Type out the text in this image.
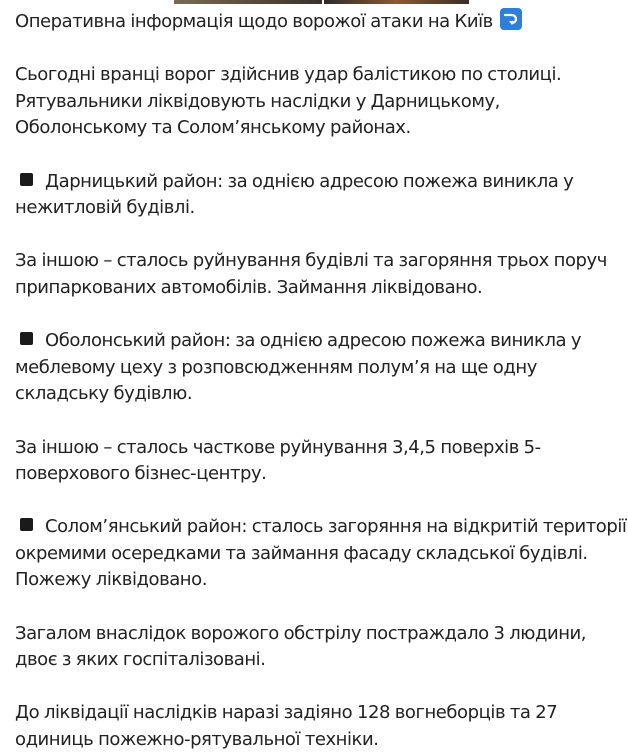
Оперативна інформація щодо ворожої атаки на Київ

Сьогодні вранці ворог здійснив удар балістикою по столиці. Рятувальники ліквідовують наслідки у Дарницькому, Оболонському та Солом’янському районах.

Дарницький район: за однією адресою пожежа виникла у нежитловій будівлі.

За іншою – сталось руйнування будівлі та загоряння трьох поруч припаркованих автомобілів. Займання ліквідовано.

Оболонський район: за однією адресою пожежа виникла у меблевому цеху з розповсюдженням полум’я на ще одну складську будівлю.

За іншою – сталось часткове руйнування 3,4,5 поверхів 5-поверхового бізнес-центру.

Солом’янський район: сталось загоряння на відкритій території окремими осередками та займання фасаду складської будівлі. Пожежу ліквідовано.

Загалом внаслідок ворожого обстрілу постраждало 3 людини, двоє з яких госпіталізовані.

До ліквідації наслідків наразі задіяно 128 вогнеборців та 27 одиниць пожежно-рятувальної техніки.
